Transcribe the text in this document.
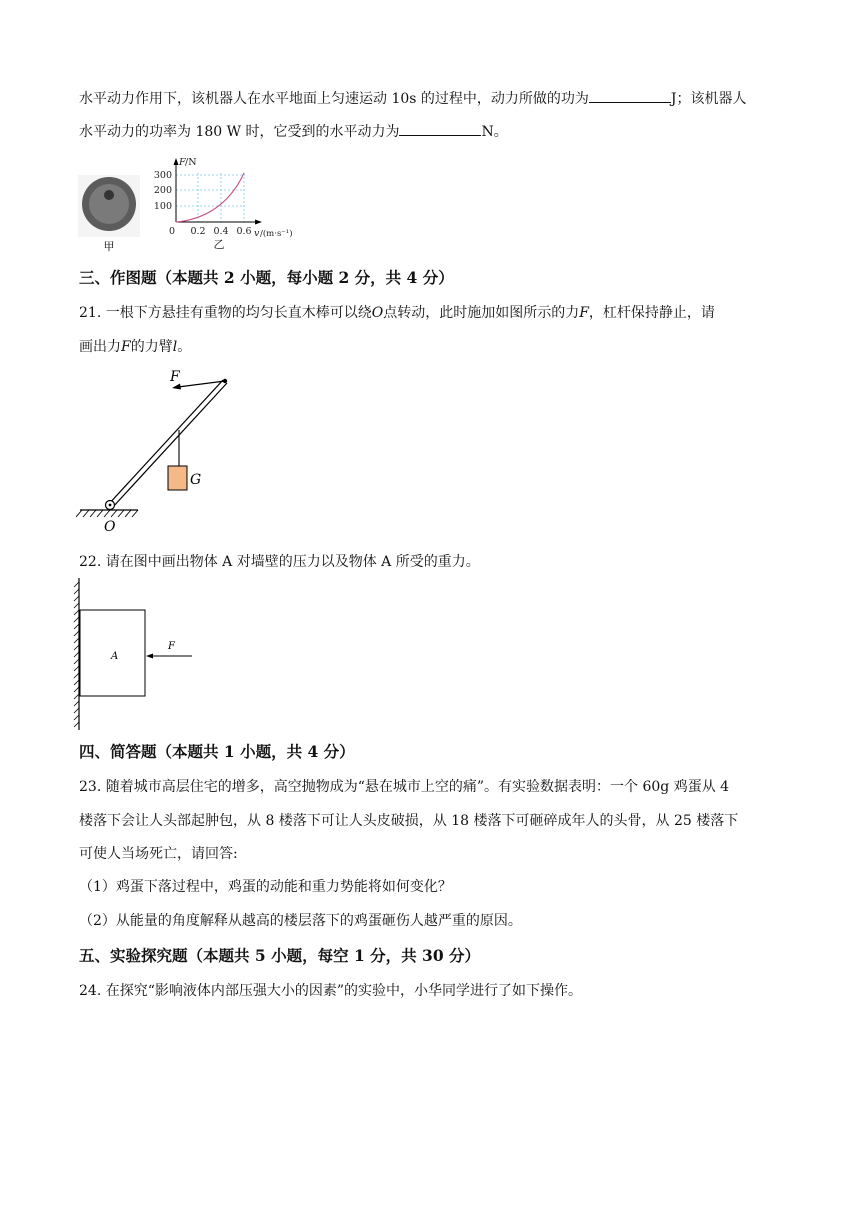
水平动力作用下，该机器人在水平地面上匀速运动 10s 的过程中，动力所做的功为	J；该机器人
水平动力的功率为 180 W 时，它受到的水平动力为	N。
甲
F /N
300
200
100
0 0.2 0.4 0.6 v /(m·s⁻¹)
乙
三、作图题（本题共 2 小题，每小题 2 分，共 4 分）
21. 一根下方悬挂有重物的均匀长直木棒可以绕O点转动，此时施加如图所示的力F，杠杆保持静止，请
画出力F的力臂l。
F
G
O
22. 请在图中画出物体 A 对墙壁的压力以及物体 A 所受的重力。
A
F
四、简答题（本题共 1 小题，共 4 分）
23. 随着城市高层住宅的增多，高空抛物成为“悬在城市上空的痛”。有实验数据表明：一个 60g 鸡蛋从 4
楼落下会让人头部起肿包，从 8 楼落下可让人头皮破损，从 18 楼落下可砸碎成年人的头骨，从 25 楼落下
可使人当场死亡，请回答:
（1）鸡蛋下落过程中，鸡蛋的动能和重力势能将如何变化？
（2）从能量的角度解释从越高的楼层落下的鸡蛋砸伤人越严重的原因。
五、实验探究题（本题共 5 小题，每空 1 分，共 30 分）
24. 在探究“影响液体内部压强大小的因素”的实验中，小华同学进行了如下操作。
